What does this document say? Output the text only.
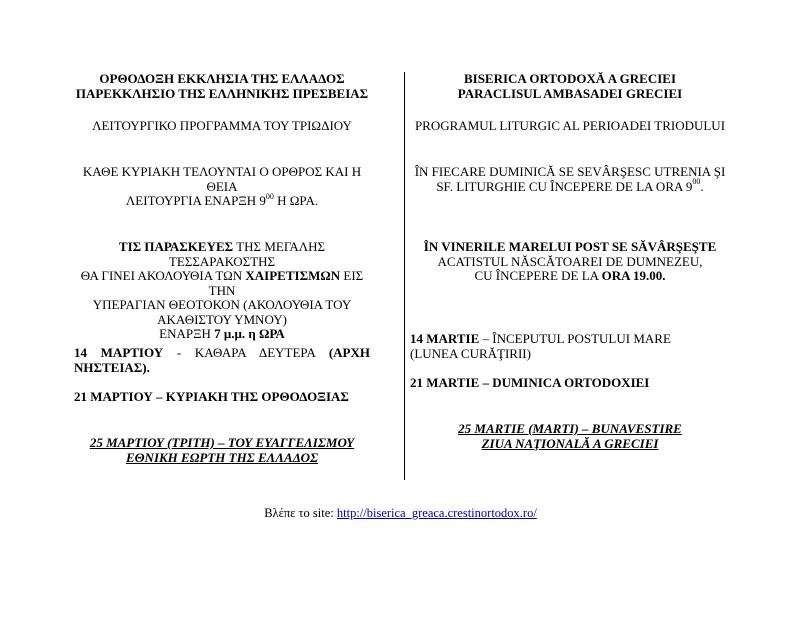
ΟΡΘΟΔΟΞΗ ΕΚΚΛΗΣΙΑ ΤΗΣ ΕΛΛΑΔΟΣ
ΠΑΡΕΚΚΛΗΣΙΟ ΤΗΣ ΕΛΛΗΝΙΚΗΣ ΠΡΕΣΒΕΙΑΣ
ΛΕΙΤΟΥΡΓΙΚΟ ΠΡΟΓΡΑΜΜΑ ΤΟΥ ΤΡΙΩΔΙΟΥ
ΚΑΘΕ ΚΥΡΙΑΚΗ ΤΕΛΟΥΝΤΑΙ Ο ΟΡΘΡΟΣ ΚΑΙ Η ΘΕΙΑ
ΛΕΙΤΟΥΡΓΙΑ ΕΝΑΡΞΗ $9^{00}$ Η ΩΡΑ.
ΤΙΣ ΠΑΡΑΣΚΕΥΕΣ ΤΗΣ ΜΕΓΑΛΗΣ ΤΕΣΣΑΡΑΚΟΣΤΗΣ
ΘΑ ΓΙΝΕΙ ΑΚΟΛΟΥΘΙΑ ΤΩΝ ΧΑΙΡΕΤΙΣΜΩΝ ΕΙΣ ΤΗΝ
ΥΠΕΡΑΓΙΑΝ ΘΕΟΤΟΚΟΝ (ΑΚΟΛΟΥΘΙΑ ΤΟΥ
ΑΚΑΘΙΣΤΟΥ ΥΜΝΟΥ)
ΕΝΑΡΞΗ 7 μ.μ. η ΩΡΑ
14 ΜΑΡΤΙΟΥ - ΚΑΘΑΡΑ ΔΕΥΤΕΡΑ (ΑΡΧΗ ΝΗΣΤΕΙΑΣ).
21 ΜΑΡΤΙΟΥ – ΚΥΡΙΑΚΗ ΤΗΣ ΟΡΘΟΔΟΞΙΑΣ
25 ΜΑΡΤΙΟΥ (ΤΡΙΤΗ) – ΤΟΥ ΕΥΑΓΓΕΛΙΣΜΟΥ
ΕΘΝΙΚΗ ΕΩΡΤΗ ΤΗΣ ΕΛΛΑΔΟΣ
BISERICA ORTODOXĂ A GRECIEI
PARACLISUL AMBASADEI GRECIEI
PROGRAMUL LITURGIC AL PERIOADEI TRIODULUI
ÎN FIECARE DUMINICĂ SE SEVÂRŞESC UTRENIA ŞI
SF. LITURGHIE CU ÎNCEPERE DE LA ORA $9^{00}$.
ÎN VINERILE MARELUI POST SE SĂVÂRŞEŞTE
ACATISTUL NĂSCĂTOAREI DE DUMNEZEU,
CU ÎNCEPERE DE LA ORA 19.00.
14 MARTIE – ÎNCEPUTUL POSTULUI MARE
(LUNEA CURĂŢIRII)
21 MARTIE – DUMINICA ORTODOXIEI
25 MARTIE (MARTI) – BUNAVESTIRE
ZIUA NAŢIONALĂ A GRECIEI
Βλέπε το site: http://biserica_greaca.crestinortodox.ro/
